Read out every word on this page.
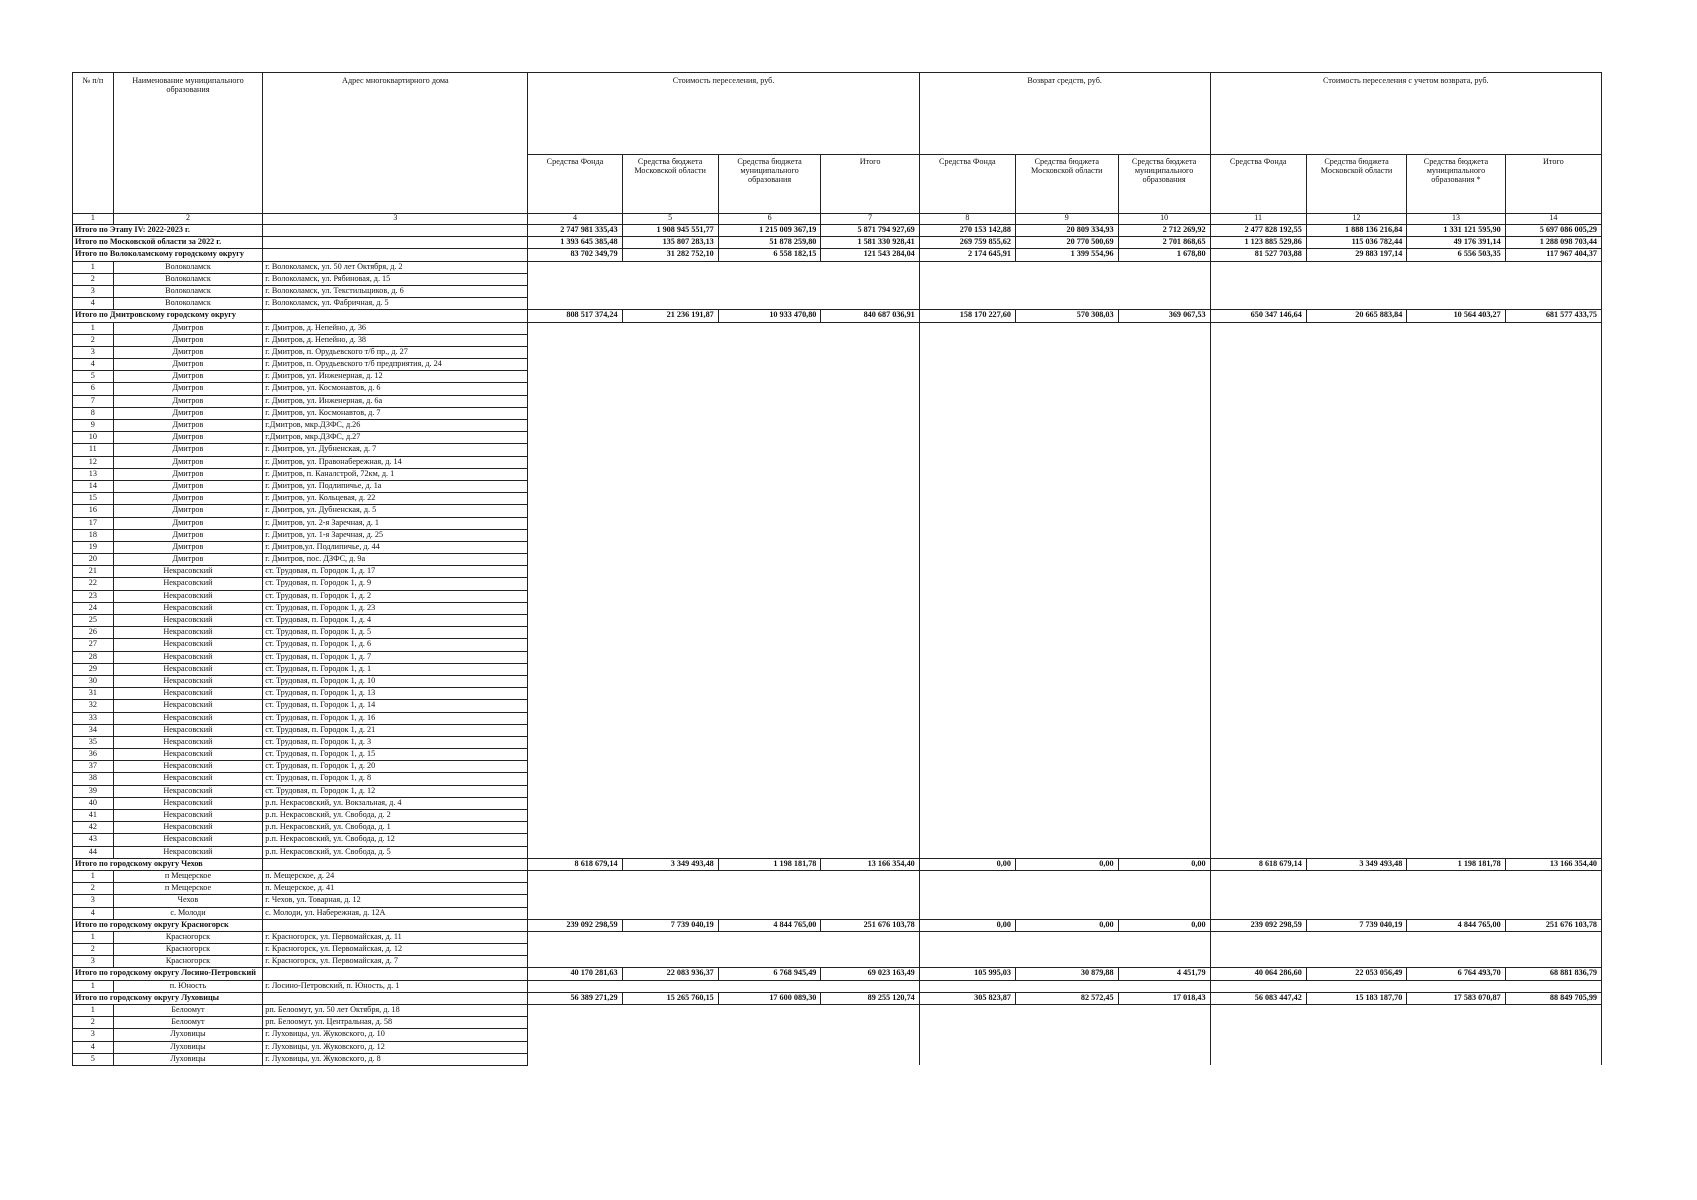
№ п/п	Наименование муниципального образования	Адрес многоквартирного дома	Стоимость переселения, руб.				Возврат средств, руб.			Стоимость переселения с учетом возврата, руб.			
			Средства Фонда	Средства бюджета Московской области	Средства бюджета муниципального образования	Итого	Средства Фонда	Средства бюджета Московской области	Средства бюджета муниципального образования	Средства Фонда	Средства бюджета Московской области	Средства бюджета муниципального образования *	Итого
1	2	3	4	5	6	7	8	9	10	11	12	13	14
Итого по Этапу IV: 2022-2023 г.			2 747 981 335,43	1 908 945 551,77	1 215 009 367,19	5 871 794 927,69	270 153 142,88	20 809 334,93	2 712 269,92	2 477 828 192,55	1 888 136 216,84	1 331 121 595,90	5 697 086 005,29
Итого по Московской области за 2022 г.			1 393 645 385,48	135 807 283,13	51 878 259,80	1 581 330 928,41	269 759 855,62	20 770 500,69	2 701 868,65	1 123 885 529,86	115 036 782,44	49 176 391,14	1 288 098 703,44
Итого по Волоколамскому городскому округу			83 702 349,79	31 282 752,10	6 558 182,15	121 543 284,04	2 174 645,91	1 399 554,96	1 678,80	81 527 703,88	29 883 197,14	6 556 503,35	117 967 404,37
1	Волоколамск	г. Волоколамск, ул. 50 лет Октября, д. 2											
2	Волоколамск	г. Волоколамск, ул. Рябиновая, д. 15											
3	Волоколамск	г. Волоколамск, ул. Текстильщиков, д. 6											
4	Волоколамск	г. Волоколамск, ул. Фабричная, д. 5											
Итого по Дмитровскому городскому округу			808 517 374,24	21 236 191,87	10 933 470,80	840 687 036,91	158 170 227,60	570 308,03	369 067,53	650 347 146,64	20 665 883,84	10 564 403,27	681 577 433,75
1	Дмитров	г. Дмитров, д. Непейно, д. 36											
2	Дмитров	г. Дмитров, д. Непейно, д. 38											
3	Дмитров	г. Дмитров, п. Орудьевского т/б пр., д. 27											
4	Дмитров	г. Дмитров, п. Орудьевского т/б предприятия, д. 24											
5	Дмитров	г. Дмитров, ул. Инженерная, д. 12											
6	Дмитров	г. Дмитров, ул. Космонавтов, д. 6											
7	Дмитров	г. Дмитров, ул. Инженерная, д. 6а											
8	Дмитров	г. Дмитров, ул. Космонавтов, д. 7											
9	Дмитров	г.Дмитров, мкр.ДЗФС, д.26											
10	Дмитров	г.Дмитров, мкр.ДЗФС, д.27											
11	Дмитров	г. Дмитров, ул. Дубненская, д. 7											
12	Дмитров	г. Дмитров, ул. Правонабережная, д. 14											
13	Дмитров	г. Дмитров, п. Каналстрой, 72км, д. 1											
14	Дмитров	г. Дмитров, ул. Подлипичье, д. 1а											
15	Дмитров	г. Дмитров, ул. Кольцевая, д. 22											
16	Дмитров	г. Дмитров, ул. Дубненская, д. 5											
17	Дмитров	г. Дмитров, ул. 2-я Заречная, д. 1											
18	Дмитров	г. Дмитров, ул. 1-я Заречная, д. 25											
19	Дмитров	г. Дмитров,ул. Подлипичье, д. 44											
20	Дмитров	г. Дмитров, пос. ДЗФС, д. 9а											
21	Некрасовский	ст. Трудовая, п. Городок 1, д. 17											
22	Некрасовский	ст. Трудовая, п. Городок 1, д. 9											
23	Некрасовский	ст. Трудовая, п. Городок 1, д. 2											
24	Некрасовский	ст. Трудовая, п. Городок 1, д. 23											
25	Некрасовский	ст. Трудовая, п. Городок 1, д. 4											
26	Некрасовский	ст. Трудовая, п. Городок 1, д. 5											
27	Некрасовский	ст. Трудовая, п. Городок 1, д. 6											
28	Некрасовский	ст. Трудовая, п. Городок 1, д. 7											
29	Некрасовский	ст. Трудовая, п. Городок 1, д. 1											
30	Некрасовский	ст. Трудовая, п. Городок 1, д. 10											
31	Некрасовский	ст. Трудовая, п. Городок 1, д. 13											
32	Некрасовский	ст. Трудовая, п. Городок 1, д. 14											
33	Некрасовский	ст. Трудовая, п. Городок 1, д. 16											
34	Некрасовский	ст. Трудовая, п. Городок 1, д. 21											
35	Некрасовский	ст. Трудовая, п. Городок 1, д. 3											
36	Некрасовский	ст. Трудовая, п. Городок 1, д. 15											
37	Некрасовский	ст. Трудовая, п. Городок 1, д. 20											
38	Некрасовский	ст. Трудовая, п. Городок 1, д. 8											
39	Некрасовский	ст. Трудовая, п. Городок 1, д. 12											
40	Некрасовский	р.п. Некрасовский, ул. Вокзальная, д. 4											
41	Некрасовский	р.п. Некрасовский, ул. Свобода, д. 2											
42	Некрасовский	р.п. Некрасовский, ул. Свобода, д. 1											
43	Некрасовский	р.п. Некрасовский, ул. Свобода, д. 12											
44	Некрасовский	р.п. Некрасовский, ул. Свобода, д. 5											
Итого по городскому округу Чехов			8 618 679,14	3 349 493,48	1 198 181,78	13 166 354,40	0,00	0,00	0,00	8 618 679,14	3 349 493,48	1 198 181,78	13 166 354,40
1	п Мещерское	п. Мещерское, д. 24											
2	п Мещерское	п. Мещерское, д. 41											
3	Чехов	г. Чехов, ул. Товарная, д. 12											
4	с. Молоди	с. Молоди, ул. Набережная, д. 12А											
Итого по городскому округу Красногорск			239 092 298,59	7 739 040,19	4 844 765,00	251 676 103,78	0,00	0,00	0,00	239 092 298,59	7 739 040,19	4 844 765,00	251 676 103,78
1	Красногорск	г. Красногорск, ул. Первомайская, д. 11											
2	Красногорск	г. Красногорск, ул. Первомайская, д. 12											
3	Красногорск	г. Красногорск, ул. Первомайская, д. 7											
Итого по городскому округу Лосино-Петровский			40 170 281,63	22 083 936,37	6 768 945,49	69 023 163,49	105 995,03	30 879,88	4 451,79	40 064 286,60	22 053 056,49	6 764 493,70	68 881 836,79
1	п. Юность	г. Лосино-Петровский, п. Юность, д. 1											
Итого по городскому округу Луховицы			56 389 271,29	15 265 760,15	17 600 089,30	89 255 120,74	305 823,87	82 572,45	17 018,43	56 083 447,42	15 183 187,70	17 583 070,87	88 849 705,99
1	Белоомут	рп. Белоомут, ул. 50 лет Октября, д. 18											
2	Белоомут	рп. Белоомут, ул. Центральная, д. 58											
3	Луховицы	г. Луховицы, ул. Жуковского, д. 10											
4	Луховицы	г. Луховицы, ул. Жуковского, д. 12											
5	Луховицы	г. Луховицы, ул. Жуковского, д. 8											
